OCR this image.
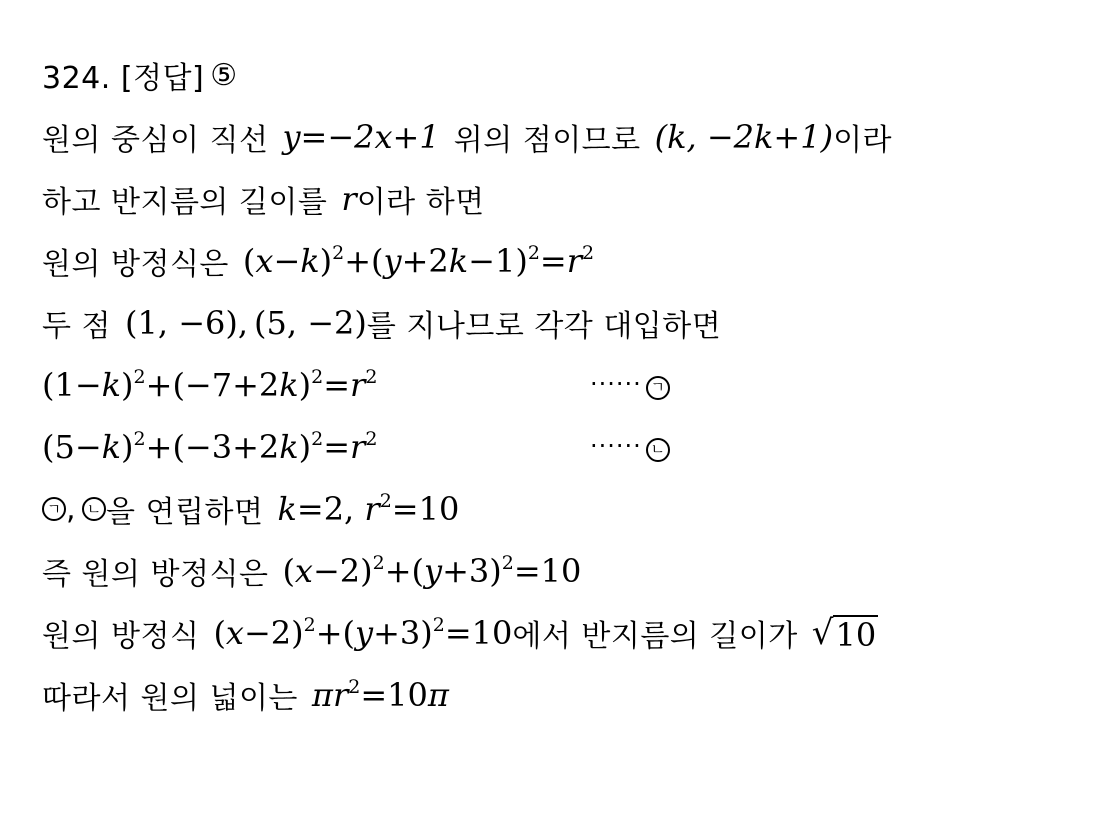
324. [정답] ⑤
원의 중심이 직선 y=−2x+1 위의 점이므로 (k, −2k+1) 이라
하고 반지름의 길이를 r 이라 하면
원의 방정식은 $(x-k)^2+(y+2k-1)^2=r^2$
두 점 (1, −6), (5, −2) 를 지나므로 각각 대입하면
$(1-k)^2+(-7+2k)^2=r^2$	······ ㄱ
$(5-k)^2+(-3+2k)^2=r^2$	······ ㄴ
ㄱ , ㄴ 을 연립하면 k=2, $r^2=10$
즉 원의 방정식은 $(x-2)^2+(y+3)^2=10$
원의 방정식 $(x-2)^2+(y+3)^2=10$ 에서 반지름의 길이가 √ 10
따라서 원의 넓이는 $\pi r^2=10\pi$
